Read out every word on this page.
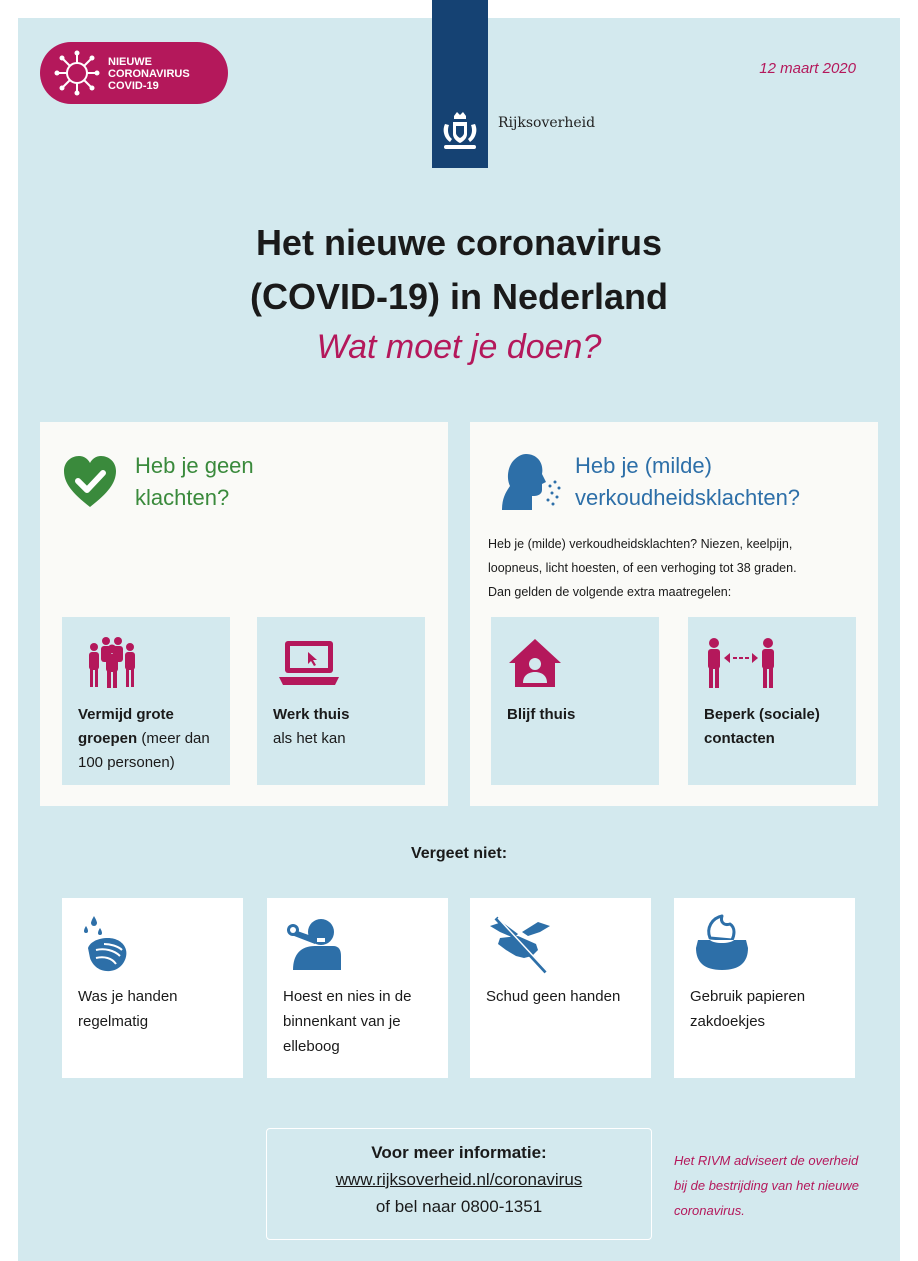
NIEUWE
CORONAVIRUS
COVID-19
12 maart 2020
Rijksoverheid
Het nieuwe coronavirus
(COVID-19) in Nederland
Wat moet je doen?
Heb je geen
klachten?
Vermijd grote groepen (meer dan 100 personen)
Werk thuis
als het kan
Heb je (milde)
verkoudheidsklachten?
Heb je (milde) verkoudheidsklachten? Niezen, keelpijn,
loopneus, licht hoesten, of een verhoging tot 38 graden.
Dan gelden de volgende extra maatregelen:
Blijf thuis	Beperk (sociale)
contacten
Vergeet niet:
Was je handen regelmatig
Hoest en nies in de binnenkant van je elleboog
Schud geen handen	Gebruik papieren zakdoekjes
Voor meer informatie:
www.rijksoverheid.nl/coronavirus
of bel naar 0800-1351
Het RIVM adviseert de overheid bij de bestrijding van het nieuwe coronavirus.
